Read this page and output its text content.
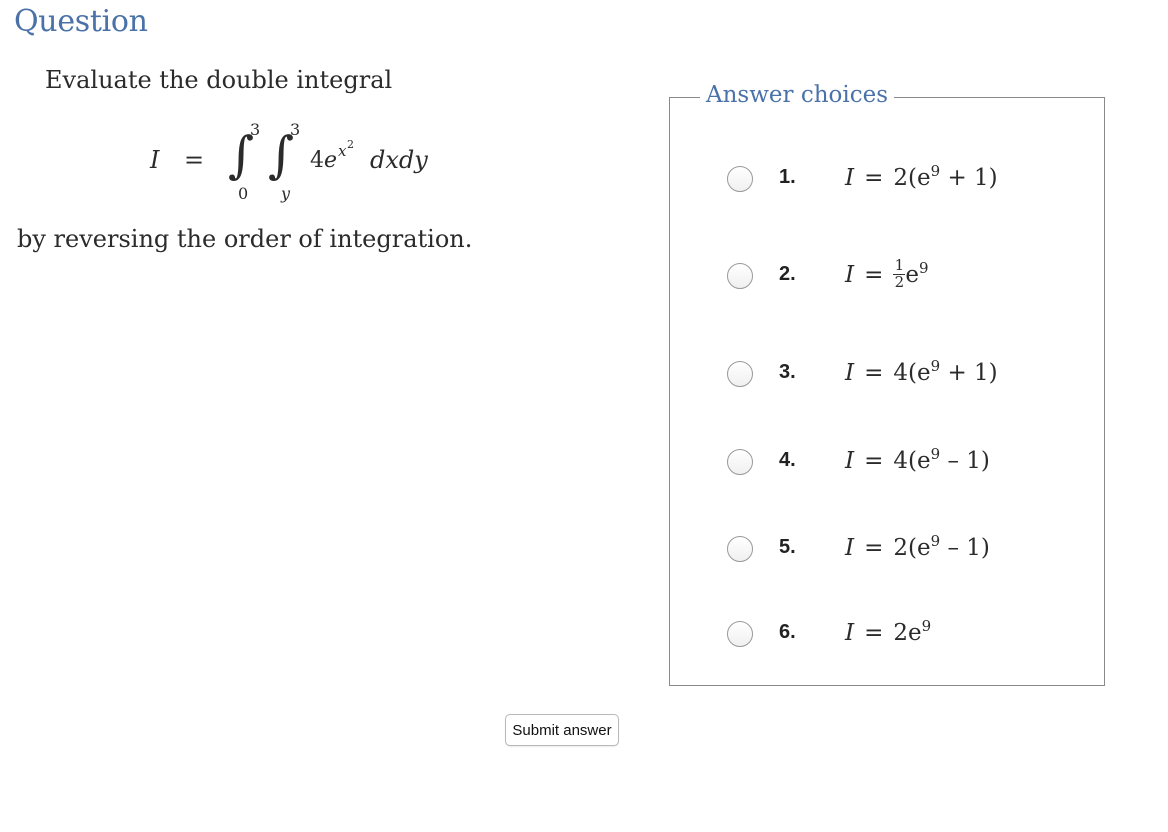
Question
Evaluate the double integral
I = ∫
3
0
∫
3
y
4 e x 2
dxdy
by reversing the order of integration.
Answer choices
1. $I = 2(e^9 + 1)$
2. $I = \frac{1}{2}e^9$
3. $I = 4(e^9 + 1)$
4. $I = 4(e^9 - 1)$
5. $I = 2(e^9 - 1)$
6. $I = 2e^9$
Submit answer
